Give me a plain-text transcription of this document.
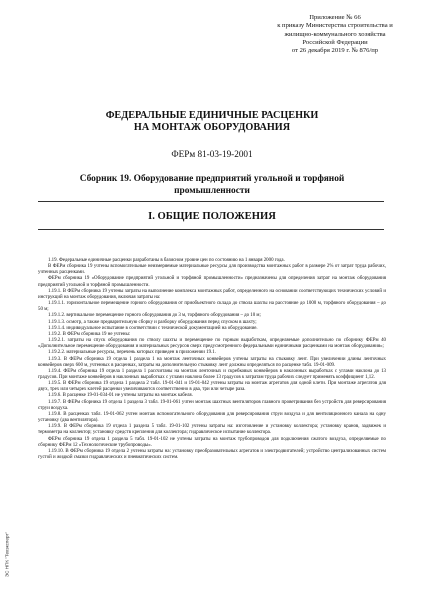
Приложение № 66
к приказу Министерства строительства и
жилищно-коммунального хозяйства
Российской Федерации
от 26 декабря 2019 г. № 876/пр
ФЕДЕРАЛЬНЫЕ ЕДИНИЧНЫЕ РАСЦЕНКИ
НА МОНТАЖ ОБОРУДОВАНИЯ
ФЕРм 81-03-19-2001
Сборник 19. Оборудование предприятий угольной и торфяной
промышленности
I. ОБЩИЕ ПОЛОЖЕНИЯ

1.19. Федеральные единичные расценки разработаны в базисном уровне цен по состоянию на 1 января 2000 года.

В ФЕРм сборника 19 учтены вспомогательные неизмеряемые материальные ресурсы для производства монтажных работ в размере 2% от затрат труда рабочих, учтенных расценками.

ФЕРм сборника 19 «Оборудование предприятий угольной и торфяной промышленности» предназначены для определения затрат на монтаж оборудования предприятий угольной и торфяной промышленности.

1.19.1. В ФЕРм сборника 19 учтены затраты на выполнение комплекса монтажных работ, определенного на основании соответствующих технических условий и инструкций на монтаж оборудования, включая затраты на:

1.19.1.1. горизонтальное перемещение горного оборудования от приобъектного склада до ствола шахты на расстояние до 1000 м, торфяного оборудования – до 50 м;

1.19.1.2. вертикальное перемещение горного оборудования до 3 м, торфяного оборудования – до 10 м;

1.19.1.3. осмотр, а также предварительную сборку и разборку оборудования перед спуском в шахту;

1.19.1.4. индивидуальное испытание в соответствии с технической документацией на оборудование.

1.19.2. В ФЕРм сборника 19 не учтены:

1.19.2.1. затраты на спуск оборудования по стволу шахты и перемещение по горным выработкам, определяемые дополнительно по сборнику ФЕРм 40 «Дополнительное перемещение оборудования и материальных ресурсов сверх предусмотренного федеральными единичными расценками на монтаж оборудования»;

1.19.2.2. материальные ресурсы, перечень которых приведен в приложении 19.1.

1.19.3. В ФЕРм сборника 19 отдела 1 раздела 1 на монтаж ленточных конвейеров учтены затраты на стыковку лент. При увеличении длины ленточных конвейеров сверх 600 м, учтенных в расценках, затраты на дополнительную стыковку лент должны определяться по расценке табл. 19-01-009.

1.19.4. ФЕРм сборника 19 отдела 1 раздела 1 рассчитаны на монтаж ленточных и скребковых конвейеров в наклонных выработках с углами наклона до 13 градусов. При монтаже конвейеров в наклонных выработках с углами наклона более 13 градусов к затратам труда рабочих следует применять коэффициент 1,12.

1.19.5. В ФЕРм сборника 19 отдела 1 раздела 2 табл. 19-01-041 и 19-01-042 учтены затраты на монтаж агрегатов для одной клети. При монтаже агрегатов для двух, трех или четырех клетей расценки увеличиваются соответственно в два, три или четыре раза.

1.19.6. В расценке 19-01-034-01 не учтены затраты на монтаж кабеля.

1.19.7. В ФЕРм сборника 19 отдела 1 раздела 3 табл. 19-01-061 учтен монтаж шахтных вентиляторов главного проветривания без устройств для реверсирования струи воздуха.

1.19.8. В расценках табл. 19-01-062 учтен монтаж вспомогательного оборудования для реверсирования струи воздуха и для вентиляционного канала на одну установку (два вентилятора).

1.19.9. В ФЕРм сборника 19 отдела 1 раздела 5 табл. 19-01-102 учтены затраты на: изготовление и установку коллектора; установку кранов, задвижек и термометра на коллектор; установку средств крепления для коллектора; гидравлическое испытание коллектора.

ФЕРм сборника 19 отдела 1 раздела 5 табл. 19-01-102 не учтены затраты на монтаж трубопроводов для подключения сжатого воздуха, определяемые по сборнику ФЕРм 12 «Технологические трубопроводы».

1.19.10. В ФЕРм сборника 19 отдела 2 учтены затраты на: установку преобразовательных агрегатов и электродвигателей; устройство централизованных систем густой и жидкой смазки гидравлических и пневматических систем.

ЭС НПК "Техэксперт"
